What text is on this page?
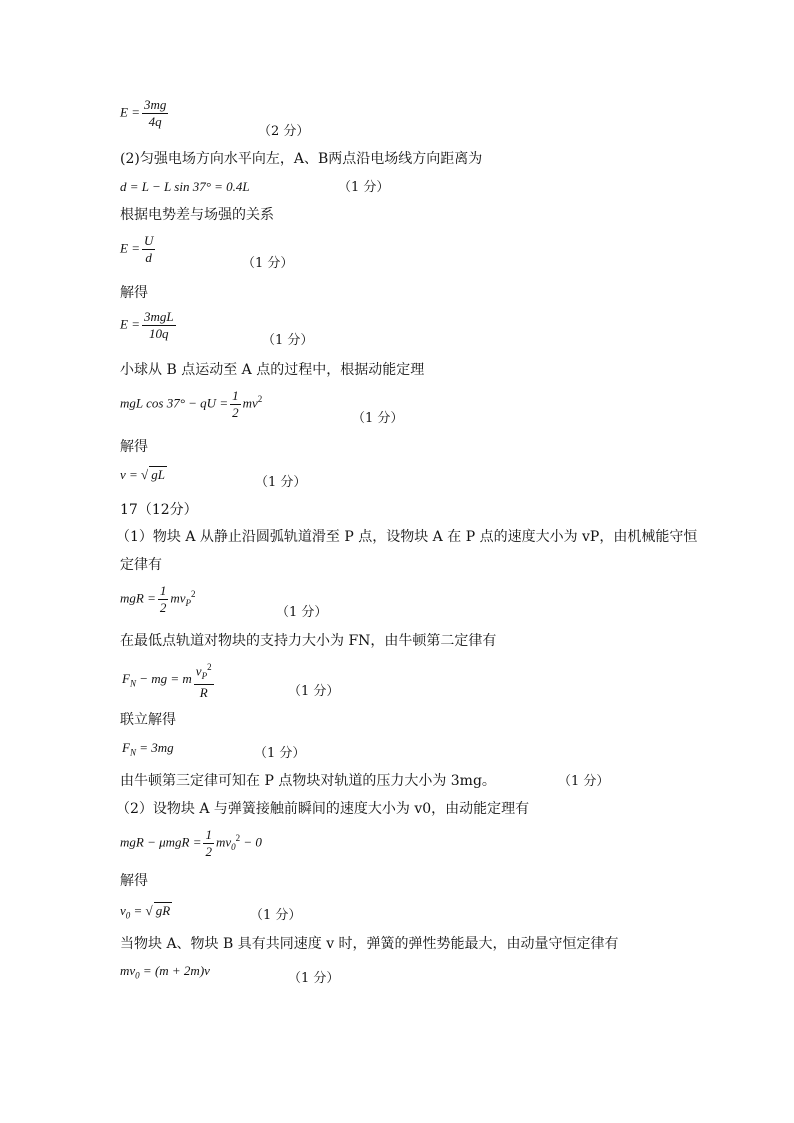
$E = \frac{3mg}{4q}$
（2 分）
(2)匀强电场方向水平向左，A、B两点沿电场线方向距离为
d = L − L sin 37° = 0.4L	（1 分）
根据电势差与场强的关系
$E = \frac{U}{d}$	（1 分）
解得
$E = \frac{\text{3mgL}}{10q}$	（1 分）
小球从 B 点运动至 A 点的过程中，根据动能定理
mgL cos 37° − qU = $\frac{1}{2} mv^2$
（1 分）
解得
v = √ gL
（1 分）
17（12分）
（1）物块 A 从静止沿圆弧轨道滑至 P 点，设物块 A 在 P 点的速度大小为 vP，由机械能守恒
定律有
mgR = $\frac{1}{2} mv_P^2$
（1 分）
在最低点轨道对物块的支持力大小为 FN，由牛顿第二定律有
$F_N$ − mg = m $\frac{v_P^2}{R}$	（1 分）
联立解得
$F_N = 3mg$	（1 分）
由牛顿第三定律可知在 P 点物块对轨道的压力大小为 3mg。	（1 分）
（2）设物块 A 与弹簧接触前瞬间的速度大小为 v0，由动能定理有
mgR − $\mu mgR = \frac{1}{2} mv_0^2 - 0$
解得
$v_0$ = √ gR	（1 分）
当物块 A、物块 B 具有共同速度 v 时，弹簧的弹性势能最大，由动量守恒定律有
$mv_0 = (m + 2m)v$
（1 分）
